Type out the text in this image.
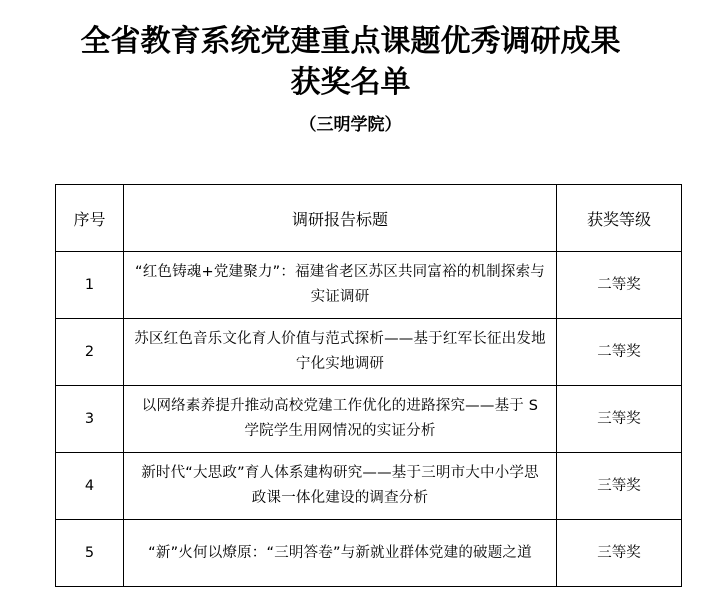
全省教育系统党建重点课题优秀调研成果
获奖名单
（三明学院）
序号	调研报告标题	获奖等级
1	“红色铸魂+党建聚力”：福建省老区苏区共同富裕的机制探索与实证调研	二等奖
2	苏区红色音乐文化育人价值与范式探析——基于红军长征出发地宁化实地调研	二等奖
3	以网络素养提升推动高校党建工作优化的进路探究——基于 S 学院学生用网情况的实证分析	三等奖
4	新时代“大思政”育人体系建构研究——基于三明市大中小学思政课一体化建设的调查分析	三等奖
5	“新”火何以燎原：“三明答卷”与新就业群体党建的破题之道	三等奖
